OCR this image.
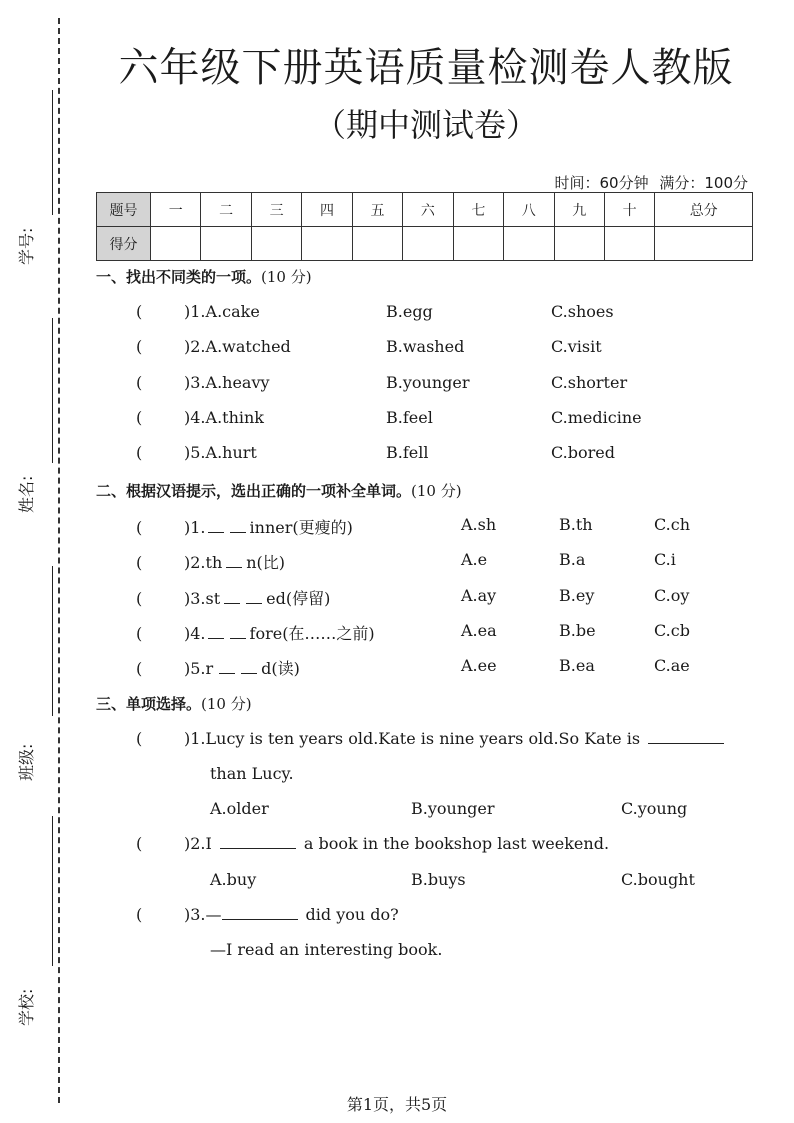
学号:
姓名:
班级:
学校:
六年级下册英语质量检测卷人教版
（期中测试卷）
时间：60分钟 满分：100分
题号	一	二	三	四	五	六	七	八	九	十	总分
得分											
一、找出不同类的一项。(10 分)
(	)1.A.cake	B.egg	C.shoes
(	)2.A.watched	B.washed	C.visit
(	)3.A.heavy	B.younger	C.shorter
(	)4.A.think	B.feel	C.medicine
(	)5.A.hurt	B.fell	C.bored
二、根据汉语提示，选出正确的一项补全单词。(10 分)
(	)1.	inner(更瘦的)	A.sh	B.th	C.ch
(	)2.th n(比)	A.e	B.a	C.i
(	)3.st	ed(停留)	A.ay	B.ey	C.oy
(	)4.	fore(在……之前)	A.ea	B.be	C.cb
(	)5.r	d(读)	A.ee	B.ea	C.ae
三、单项选择。(10 分)
(	)1.Lucy is ten years old.Kate is nine years old.So Kate is
than Lucy.
A.older	B.younger	C.young
(	)2.I	a book in the bookshop last weekend.
A.buy	B.buys	C.bought
(	)3.—	did you do?
—I read an interesting book.
第1页，共5页
